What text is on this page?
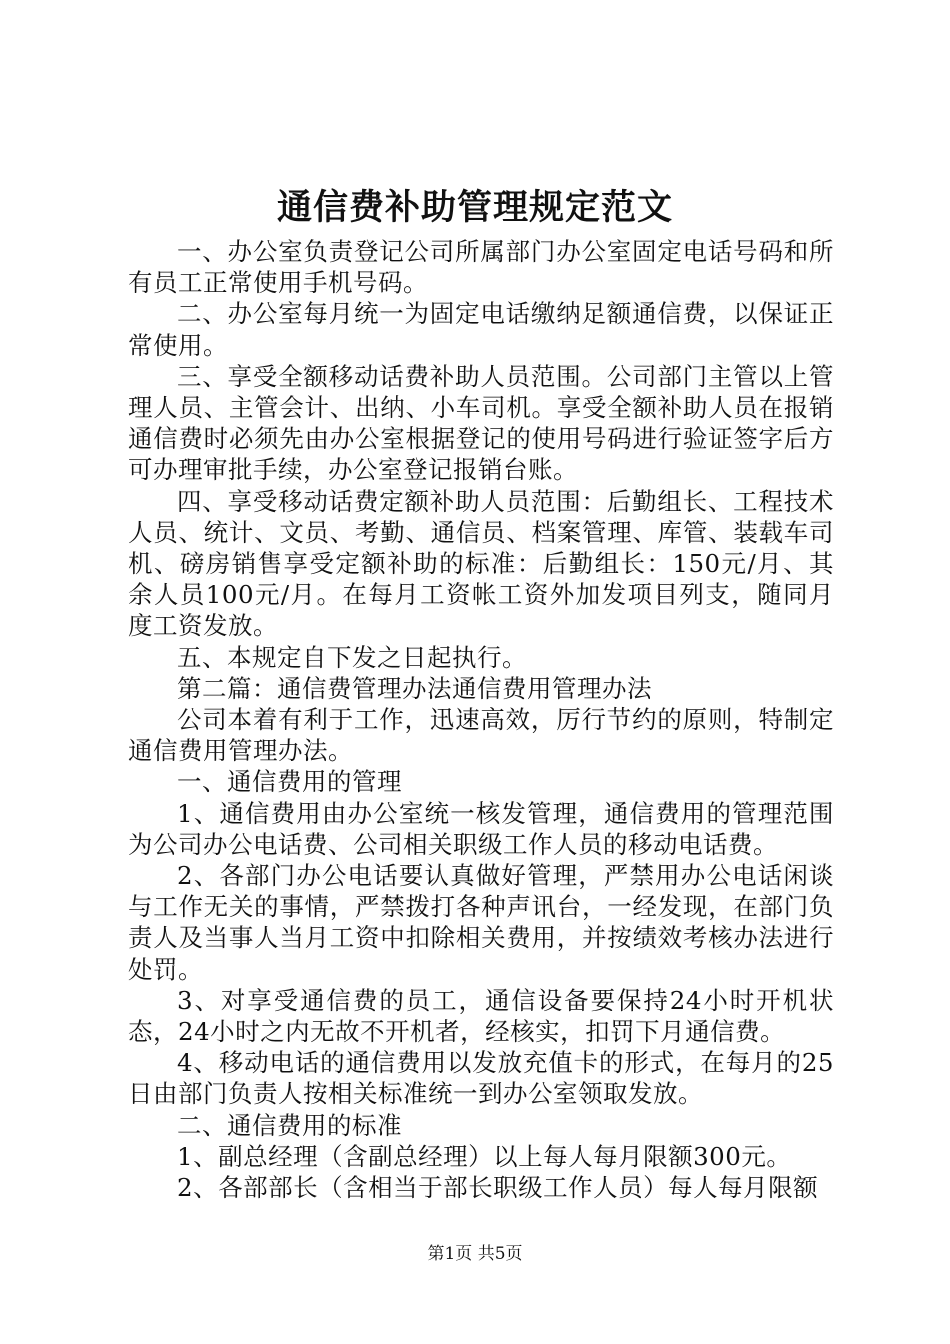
通信费补助管理规定范文

一、办公室负责登记公司所属部门办公室固定电话号码和所有员工正常使用手机号码。

二、办公室每月统一为固定电话缴纳足额通信费，以保证正常使用。

三、享受全额移动话费补助人员范围。公司部门主管以上管理人员、主管会计、出纳、小车司机。享受全额补助人员在报销通信费时必须先由办公室根据登记的使用号码进行验证签字后方可办理审批手续，办公室登记报销台账。

四、享受移动话费定额补助人员范围：后勤组长、工程技术人员、统计、文员、考勤、通信员、档案管理、库管、装载车司机、磅房销售享受定额补助的标准：后勤组长：150元/月、其余人员100元/月。在每月工资帐工资外加发项目列支，随同月度工资发放。

五、本规定自下发之日起执行。

第二篇：通信费管理办法通信费用管理办法

公司本着有利于工作，迅速高效，厉行节约的原则，特制定通信费用管理办法。

一、通信费用的管理

1、通信费用由办公室统一核发管理，通信费用的管理范围为公司办公电话费、公司相关职级工作人员的移动电话费。

2、各部门办公电话要认真做好管理，严禁用办公电话闲谈与工作无关的事情，严禁拨打各种声讯台，一经发现，在部门负责人及当事人当月工资中扣除相关费用，并按绩效考核办法进行处罚。

3、对享受通信费的员工，通信设备要保持24小时开机状态，24小时之内无故不开机者，经核实，扣罚下月通信费。

4、移动电话的通信费用以发放充值卡的形式，在每月的25日由部门负责人按相关标准统一到办公室领取发放。

二、通信费用的标准

1、副总经理（含副总经理）以上每人每月限额300元。

2、各部部长（含相当于部长职级工作人员）每人每月限额

第1页 共5页
